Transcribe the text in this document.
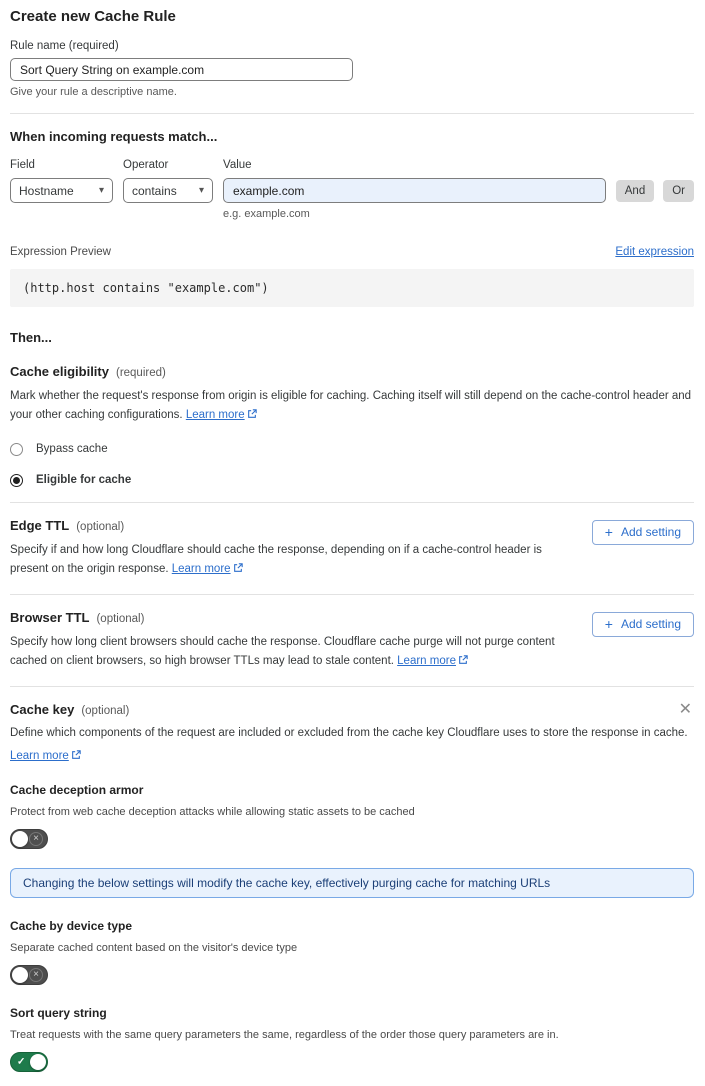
Create new Cache Rule
Rule name (required)
Sort Query String on example.com

Give your rule a descriptive name.

When incoming requests match...
Field
Hostname	▾
Operator
contains ▾
Value
example.com

e.g. example.com

And	Or
Expression Preview	Edit expression
(http.host contains "example.com")
Then...
Cache eligibility (required)

Mark whether the request's response from origin is eligible for caching. Caching itself will still depend on the cache-control header and your other caching configurations. Learn more

Bypass cache
Eligible for cache
Edge TTL (optional)

Specify if and how long Cloudflare should cache the response, depending on if a cache-control header is present on the origin response. Learn more

+ Add setting
Browser TTL (optional)

Specify how long client browsers should cache the response. Cloudflare cache purge will not purge content cached on client browsers, so high browser TTLs may lead to stale content. Learn more

+ Add setting
Cache key (optional)	✕

Define which components of the request are included or excluded from the cache key Cloudflare uses to store the response in cache.

Learn more
Cache deception armor

Protect from web cache deception attacks while allowing static assets to be cached

×
Changing the below settings will modify the cache key, effectively purging cache for matching URLs
Cache by device type

Separate cached content based on the visitor's device type

×
Sort query string

Treat requests with the same query parameters the same, regardless of the order those query parameters are in.

✓
